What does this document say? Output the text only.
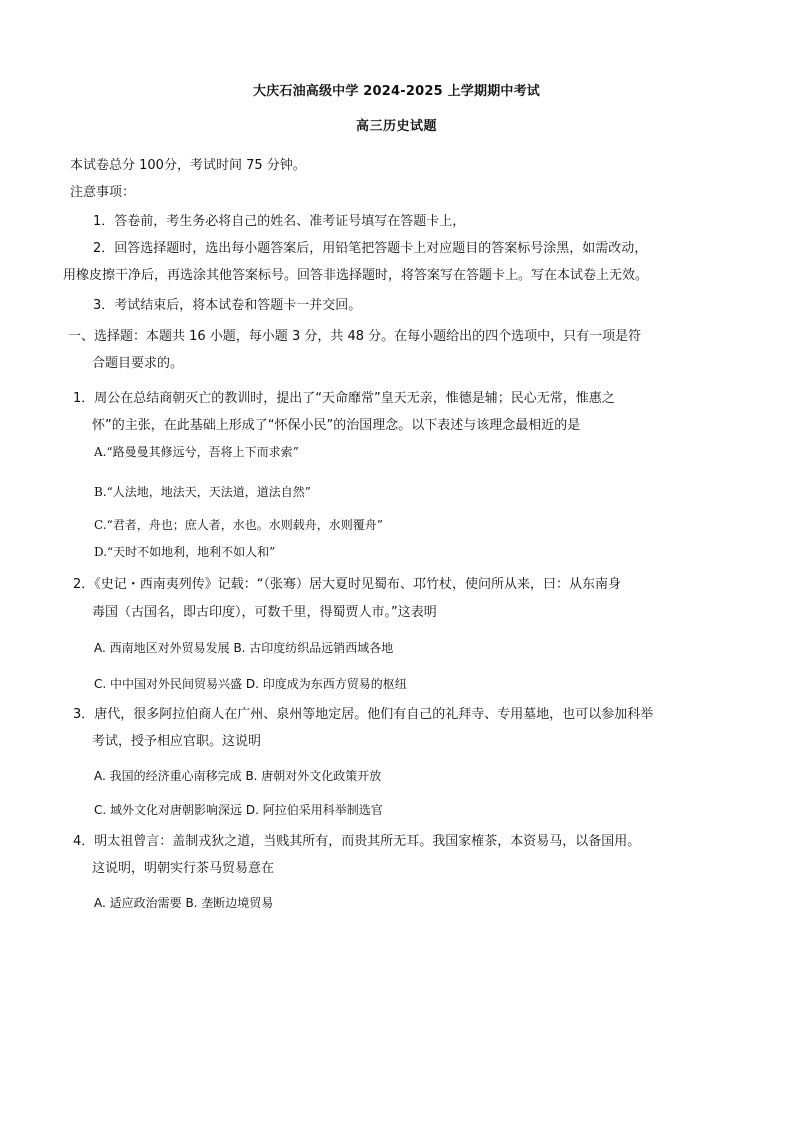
大庆石油高级中学 2024-2025 上学期期中考试
高三历史试题
本试卷总分 100分，考试时间 75 分钟。
注意事项：
1．答卷前，考生务必将自己的姓名、准考证号填写在答题卡上，
2．回答选择题时，选出每小题答案后，用铅笔把答题卡上对应题目的答案标号涂黑，如需改动，
用橡皮擦干净后，再选涂其他答案标号。回答非选择题时，将答案写在答题卡上。写在本试卷上无效。
3．考试结束后，将本试卷和答题卡一并交回。
一、选择题：本题共 16 小题，每小题 3 分，共 48 分。在每小题给出的四个选项中，只有一项是符
合题目要求的。
1．周公在总结商朝灭亡的教训时，提出了“天命靡常”皇天无亲，惟德是辅；民心无常，惟惠之
怀”的主张，在此基础上形成了“怀保小民”的治国理念。以下表述与该理念最相近的是
A.“路曼曼其修远兮，吾将上下而求索”
B.“人法地，地法天，天法道，道法自然”
C.“君者，舟也；庶人者，水也。水则载舟，水则覆舟”
D.“天时不如地利，地利不如人和”
2．《史记・西南夷列传》记载：“（张骞）居大夏时见蜀布、邛竹杖，使问所从来，曰：从东南身
毒国（古国名，即古印度），可数千里，得蜀贾人市。”这表明
A. 西南地区对外贸易发展 B. 古印度纺织品远销西域各地
C. 中中国对外民间贸易兴盛 D. 印度成为东西方贸易的枢纽
3．唐代，很多阿拉伯商人在广州、泉州等地定居。他们有自己的礼拜寺、专用墓地，也可以参加科举
考试，授予相应官职。这说明
A. 我国的经济重心南移完成 B. 唐朝对外文化政策开放
C. 域外文化对唐朝影响深远 D. 阿拉伯采用科举制选官
4．明太祖曾言：盖制戎狄之道，当贱其所有，而贵其所无耳。我国家榷茶，本资易马，以备国用。
这说明，明朝实行茶马贸易意在
A. 适应政治需要 B. 垄断边境贸易
